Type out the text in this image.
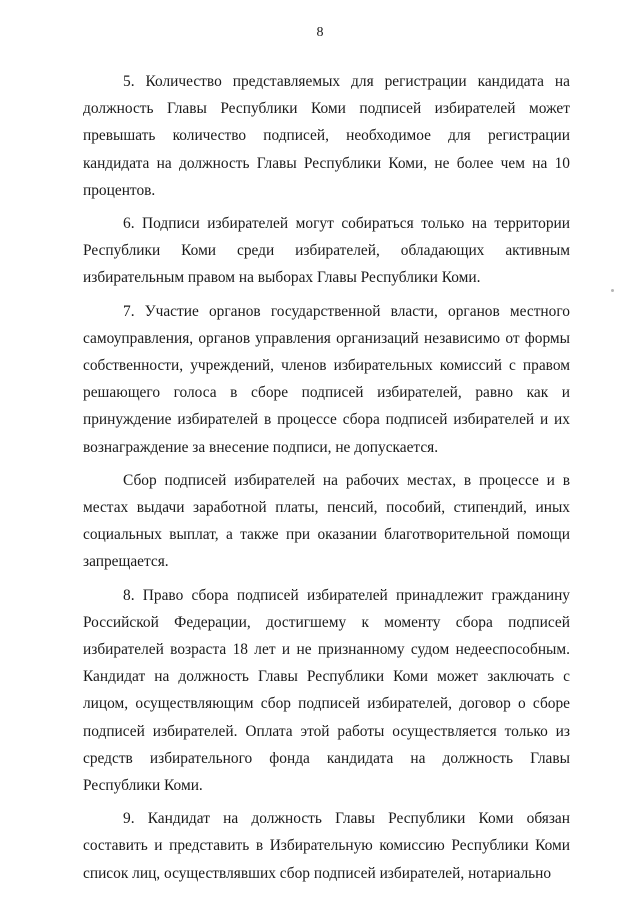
8

5. Количество представляемых для регистрации кандидата на должность Главы Республики Коми подписей избирателей может превышать количество подписей, необходимое для регистрации кандидата на должность Главы Республики Коми, не более чем на 10 процентов.

6. Подписи избирателей могут собираться только на территории Республики Коми среди избирателей, обладающих активным избирательным правом на выборах Главы Республики Коми.

7. Участие органов государственной власти, органов местного самоуправления, органов управления организаций независимо от формы собственности, учреждений, членов избирательных комиссий с правом решающего голоса в сборе подписей избирателей, равно как и принуждение избирателей в процессе сбора подписей избирателей и их вознаграждение за внесение подписи, не допускается.

Сбор подписей избирателей на рабочих местах, в процессе и в местах выдачи заработной платы, пенсий, пособий, стипендий, иных социальных выплат, а также при оказании благотворительной помощи запрещается.

8. Право сбора подписей избирателей принадлежит гражданину Российской Федерации, достигшему к моменту сбора подписей избирателей возраста 18 лет и не признанному судом недееспособным. Кандидат на должность Главы Республики Коми может заключать с лицом, осуществляющим сбор подписей избирателей, договор о сборе подписей избирателей. Оплата этой работы осуществляется только из средств избирательного фонда кандидата на должность Главы Республики Коми.

9. Кандидат на должность Главы Республики Коми обязан составить и представить в Избирательную комиссию Республики Коми список лиц, осуществлявших сбор подписей избирателей, нотариально
